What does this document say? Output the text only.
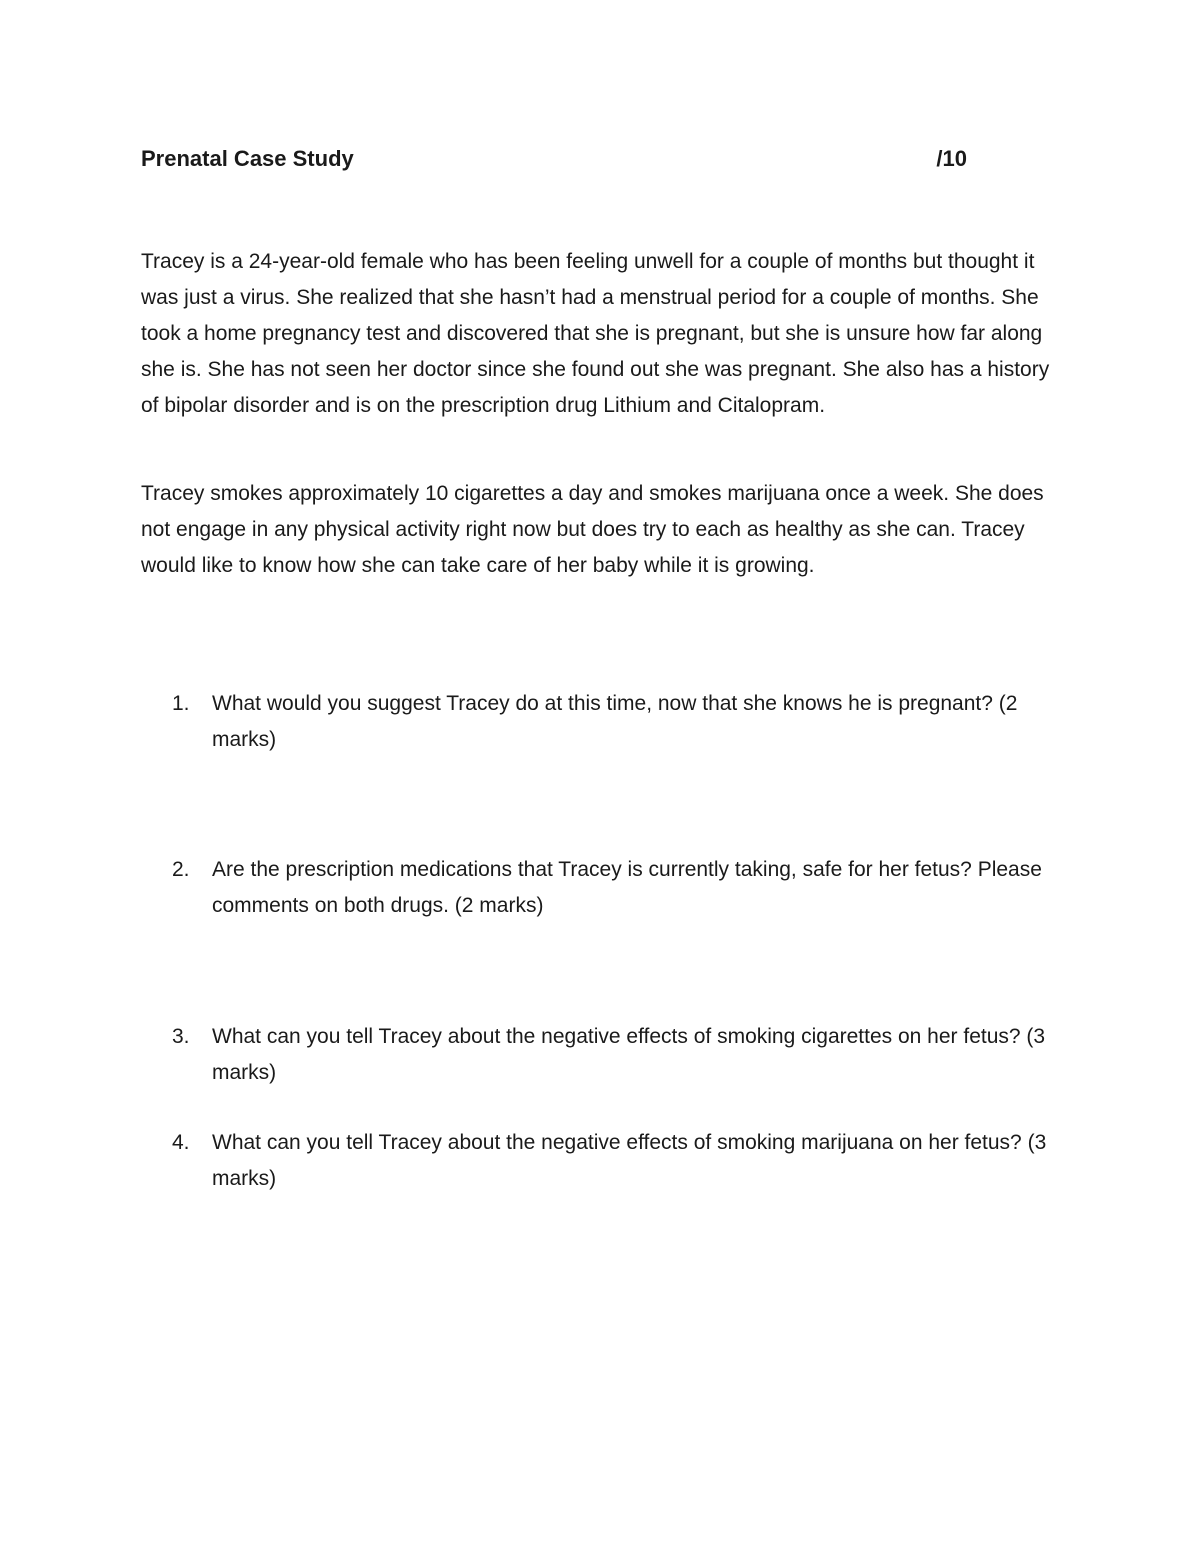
Prenatal Case Study	/10

Tracey is a 24-year-old female who has been feeling unwell for a couple of months but thought it was just a virus. She realized that she hasn’t had a menstrual period for a couple of months. She took a home pregnancy test and discovered that she is pregnant, but she is unsure how far along she is. She has not seen her doctor since she found out she was pregnant. She also has a history of bipolar disorder and is on the prescription drug Lithium and Citalopram.

Tracey smokes approximately 10 cigarettes a day and smokes marijuana once a week. She does not engage in any physical activity right now but does try to each as healthy as she can. Tracey would like to know how she can take care of her baby while it is growing.

1.	What would you suggest Tracey do at this time, now that she knows he is pregnant? (2 marks)
2.	Are the prescription medications that Tracey is currently taking, safe for her fetus? Please comments on both drugs. (2 marks)
3.	What can you tell Tracey about the negative effects of smoking cigarettes on her fetus? (3 marks)
4.	What can you tell Tracey about the negative effects of smoking marijuana on her fetus? (3 marks)
